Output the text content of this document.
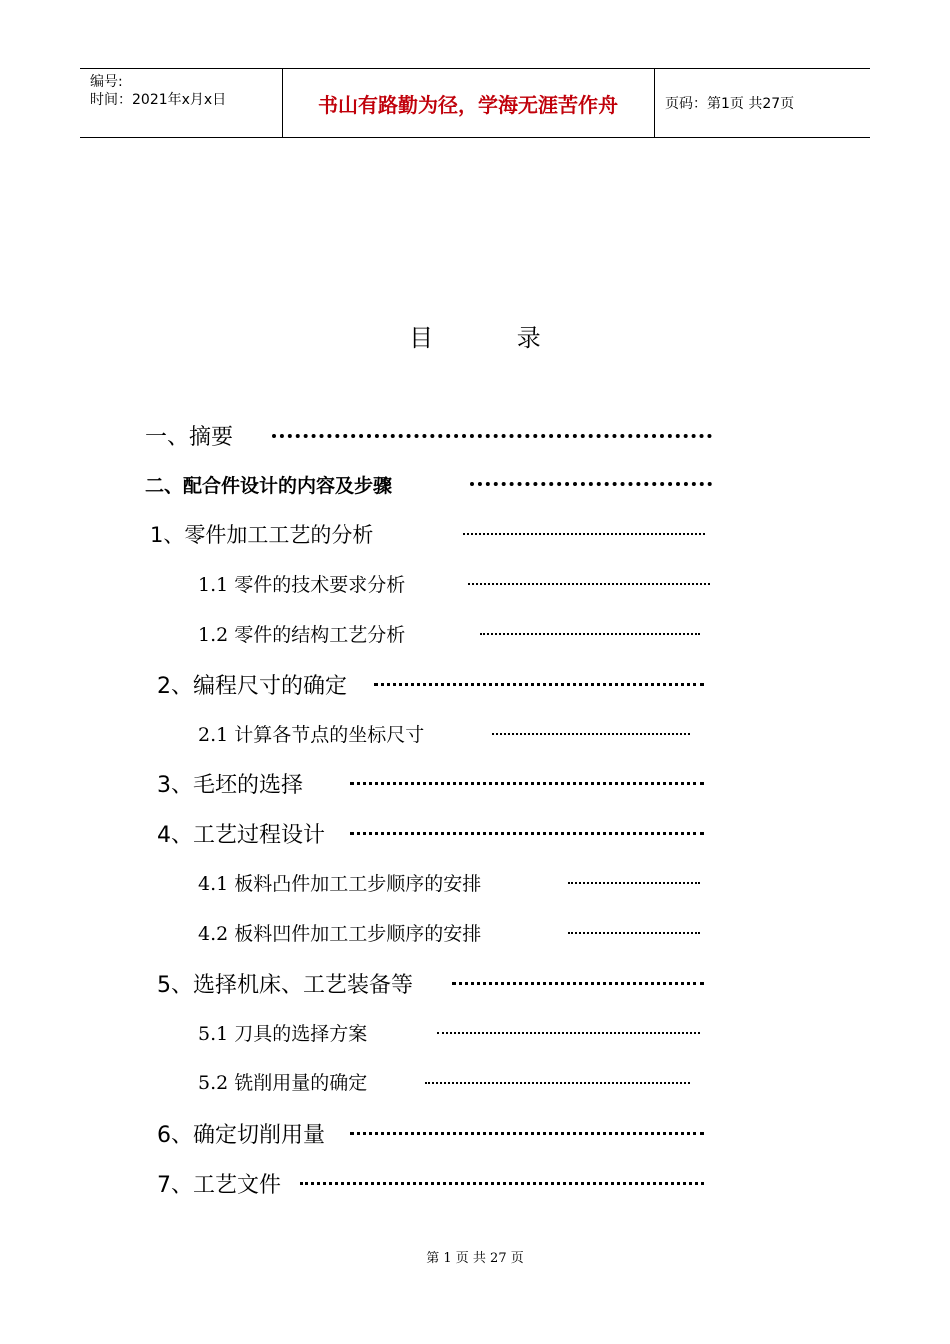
编号:
时间：2021年x月x日	书山有路勤为径，学海无涯苦作舟	页码：第1页 共27页
目 录
一、摘要
二、配合件设计的内容及步骤
1、零件加工工艺的分析
1.1 零件的技术要求分析
1.2 零件的结构工艺分析
2、编程尺寸的确定
2.1 计算各节点的坐标尺寸
3、毛坯的选择
4、工艺过程设计
4.1 板料凸件加工工步顺序的安排
4.2 板料凹件加工工步顺序的安排
5、选择机床、工艺装备等
5.1 刀具的选择方案
5.2 铣削用量的确定
6、确定切削用量
7、工艺文件
第 1 页 共 27 页
